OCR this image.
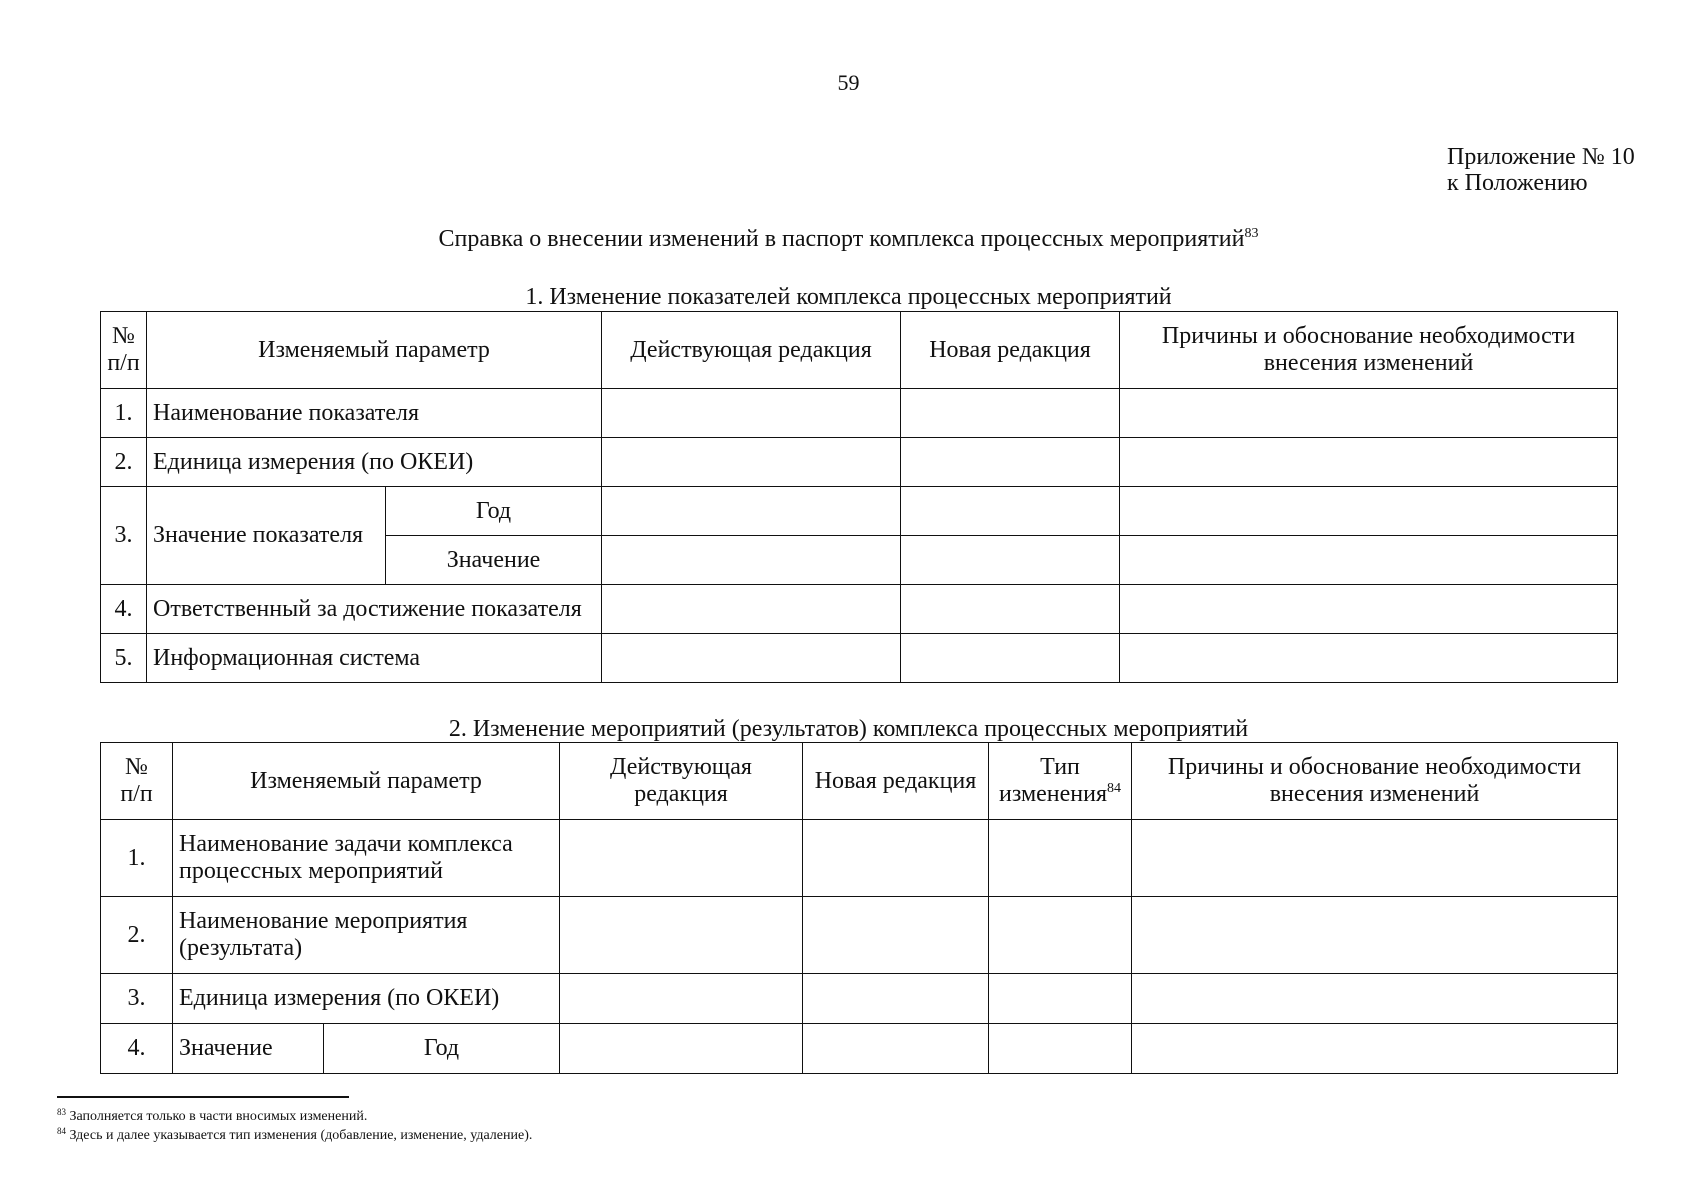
59
Приложение № 10
к Положению
Справка о внесении изменений в паспорт комплекса процессных мероприятий$^{83}$
1. Изменение показателей комплекса процессных мероприятий
№
п/п	Изменяемый параметр		Действующая редакция	Новая редакция	Причины и обоснование необходимости внесения изменений
1.	Наименование показателя				
2.	Единица измерения (по ОКЕИ)				
3.	Значение показателя	Год			
		Значение			
4.	Ответственный за достижение показателя				
5.	Информационная система				
2. Изменение мероприятий (результатов) комплекса процессных мероприятий
№
п/п	Изменяемый параметр		Действующая редакция	Новая редакция	Тип изменения$^{84}$	Причины и обоснование необходимости внесения изменений
1.	Наименование задачи комплекса процессных мероприятий					
2.	Наименование мероприятия (результата)					
3.	Единица измерения (по ОКЕИ)					
4.	Значение	Год				
$^{83}$ Заполняется только в части вносимых изменений.
$^{84}$ Здесь и далее указывается тип изменения (добавление, изменение, удаление).
